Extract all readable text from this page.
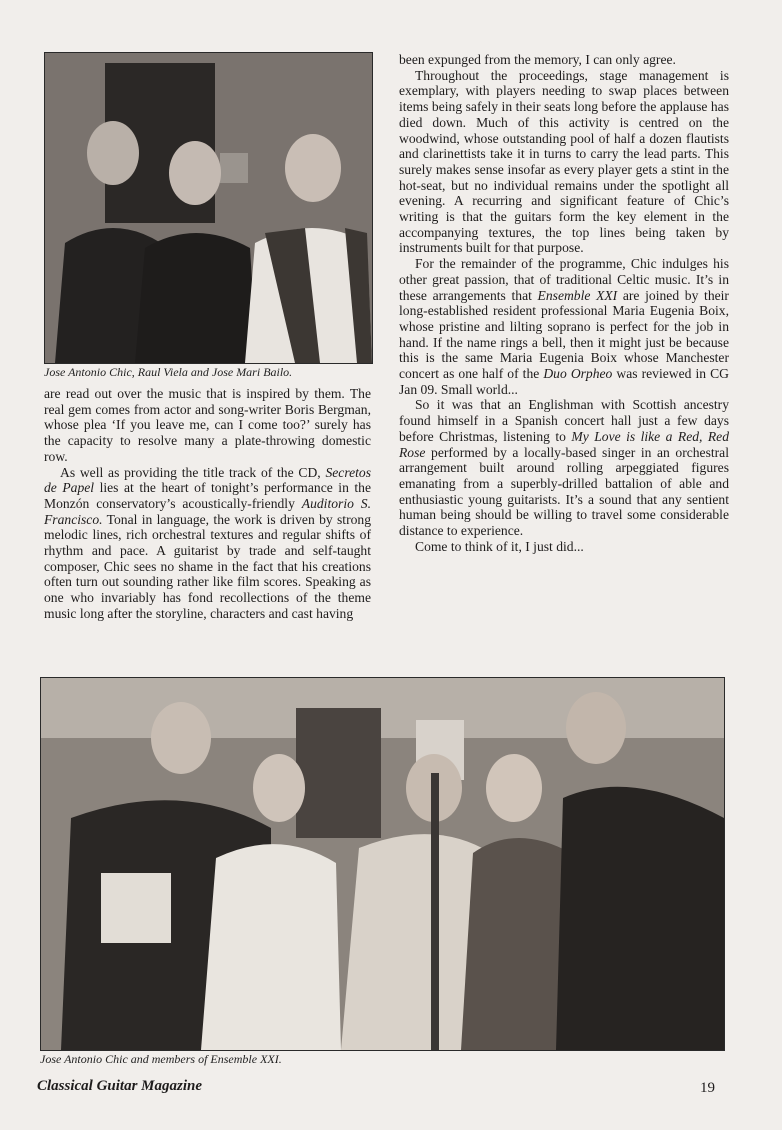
Jose Antonio Chic, Raul Viela and Jose Mari Bailo.

are read out over the music that is inspired by them. The real gem comes from actor and song-writer Boris Bergman, whose plea ‘If you leave me, can I come too?’ surely has the capacity to resolve many a plate-throwing domestic row.

As well as providing the title track of the CD, Secretos de Papel lies at the heart of tonight’s performance in the Monzón conservatory’s acoustically-friendly Auditorio S. Francisco. Tonal in language, the work is driven by strong melodic lines, rich orchestral textures and regular shifts of rhythm and pace. A guitarist by trade and self-taught composer, Chic sees no shame in the fact that his creations often turn out sounding rather like film scores. Speaking as one who invariably has fond recollections of the theme music long after the storyline, characters and cast having

been expunged from the memory, I can only agree.

Throughout the proceedings, stage management is exemplary, with players needing to swap places between items being safely in their seats long before the applause has died down. Much of this activity is centred on the woodwind, whose outstanding pool of half a dozen flautists and clarinettists take it in turns to carry the lead parts. This surely makes sense insofar as every player gets a stint in the hot-seat, but no individual remains under the spotlight all evening. A recurring and significant feature of Chic’s writing is that the guitars form the key element in the accompanying textures, the top lines being taken by instruments built for that purpose.

For the remainder of the programme, Chic indulges his other great passion, that of traditional Celtic music. It’s in these arrangements that Ensemble XXI are joined by their long-established resident professional Maria Eugenia Boix, whose pristine and lilting soprano is perfect for the job in hand. If the name rings a bell, then it might just be because this is the same Maria Eugenia Boix whose Manchester concert as one half of the Duo Orpheo was reviewed in CG Jan 09. Small world...

So it was that an Englishman with Scottish ancestry found himself in a Spanish concert hall just a few days before Christmas, listening to My Love is like a Red, Red Rose performed by a locally-based singer in an orchestral arrangement built around rolling arpeggiated figures emanating from a superbly-drilled battalion of able and enthusiastic young guitarists. It’s a sound that any sentient human being should be willing to travel some considerable distance to experience.

Come to think of it, I just did...

Jose Antonio Chic and members of Ensemble XXI.
Classical Guitar Magazine	19
